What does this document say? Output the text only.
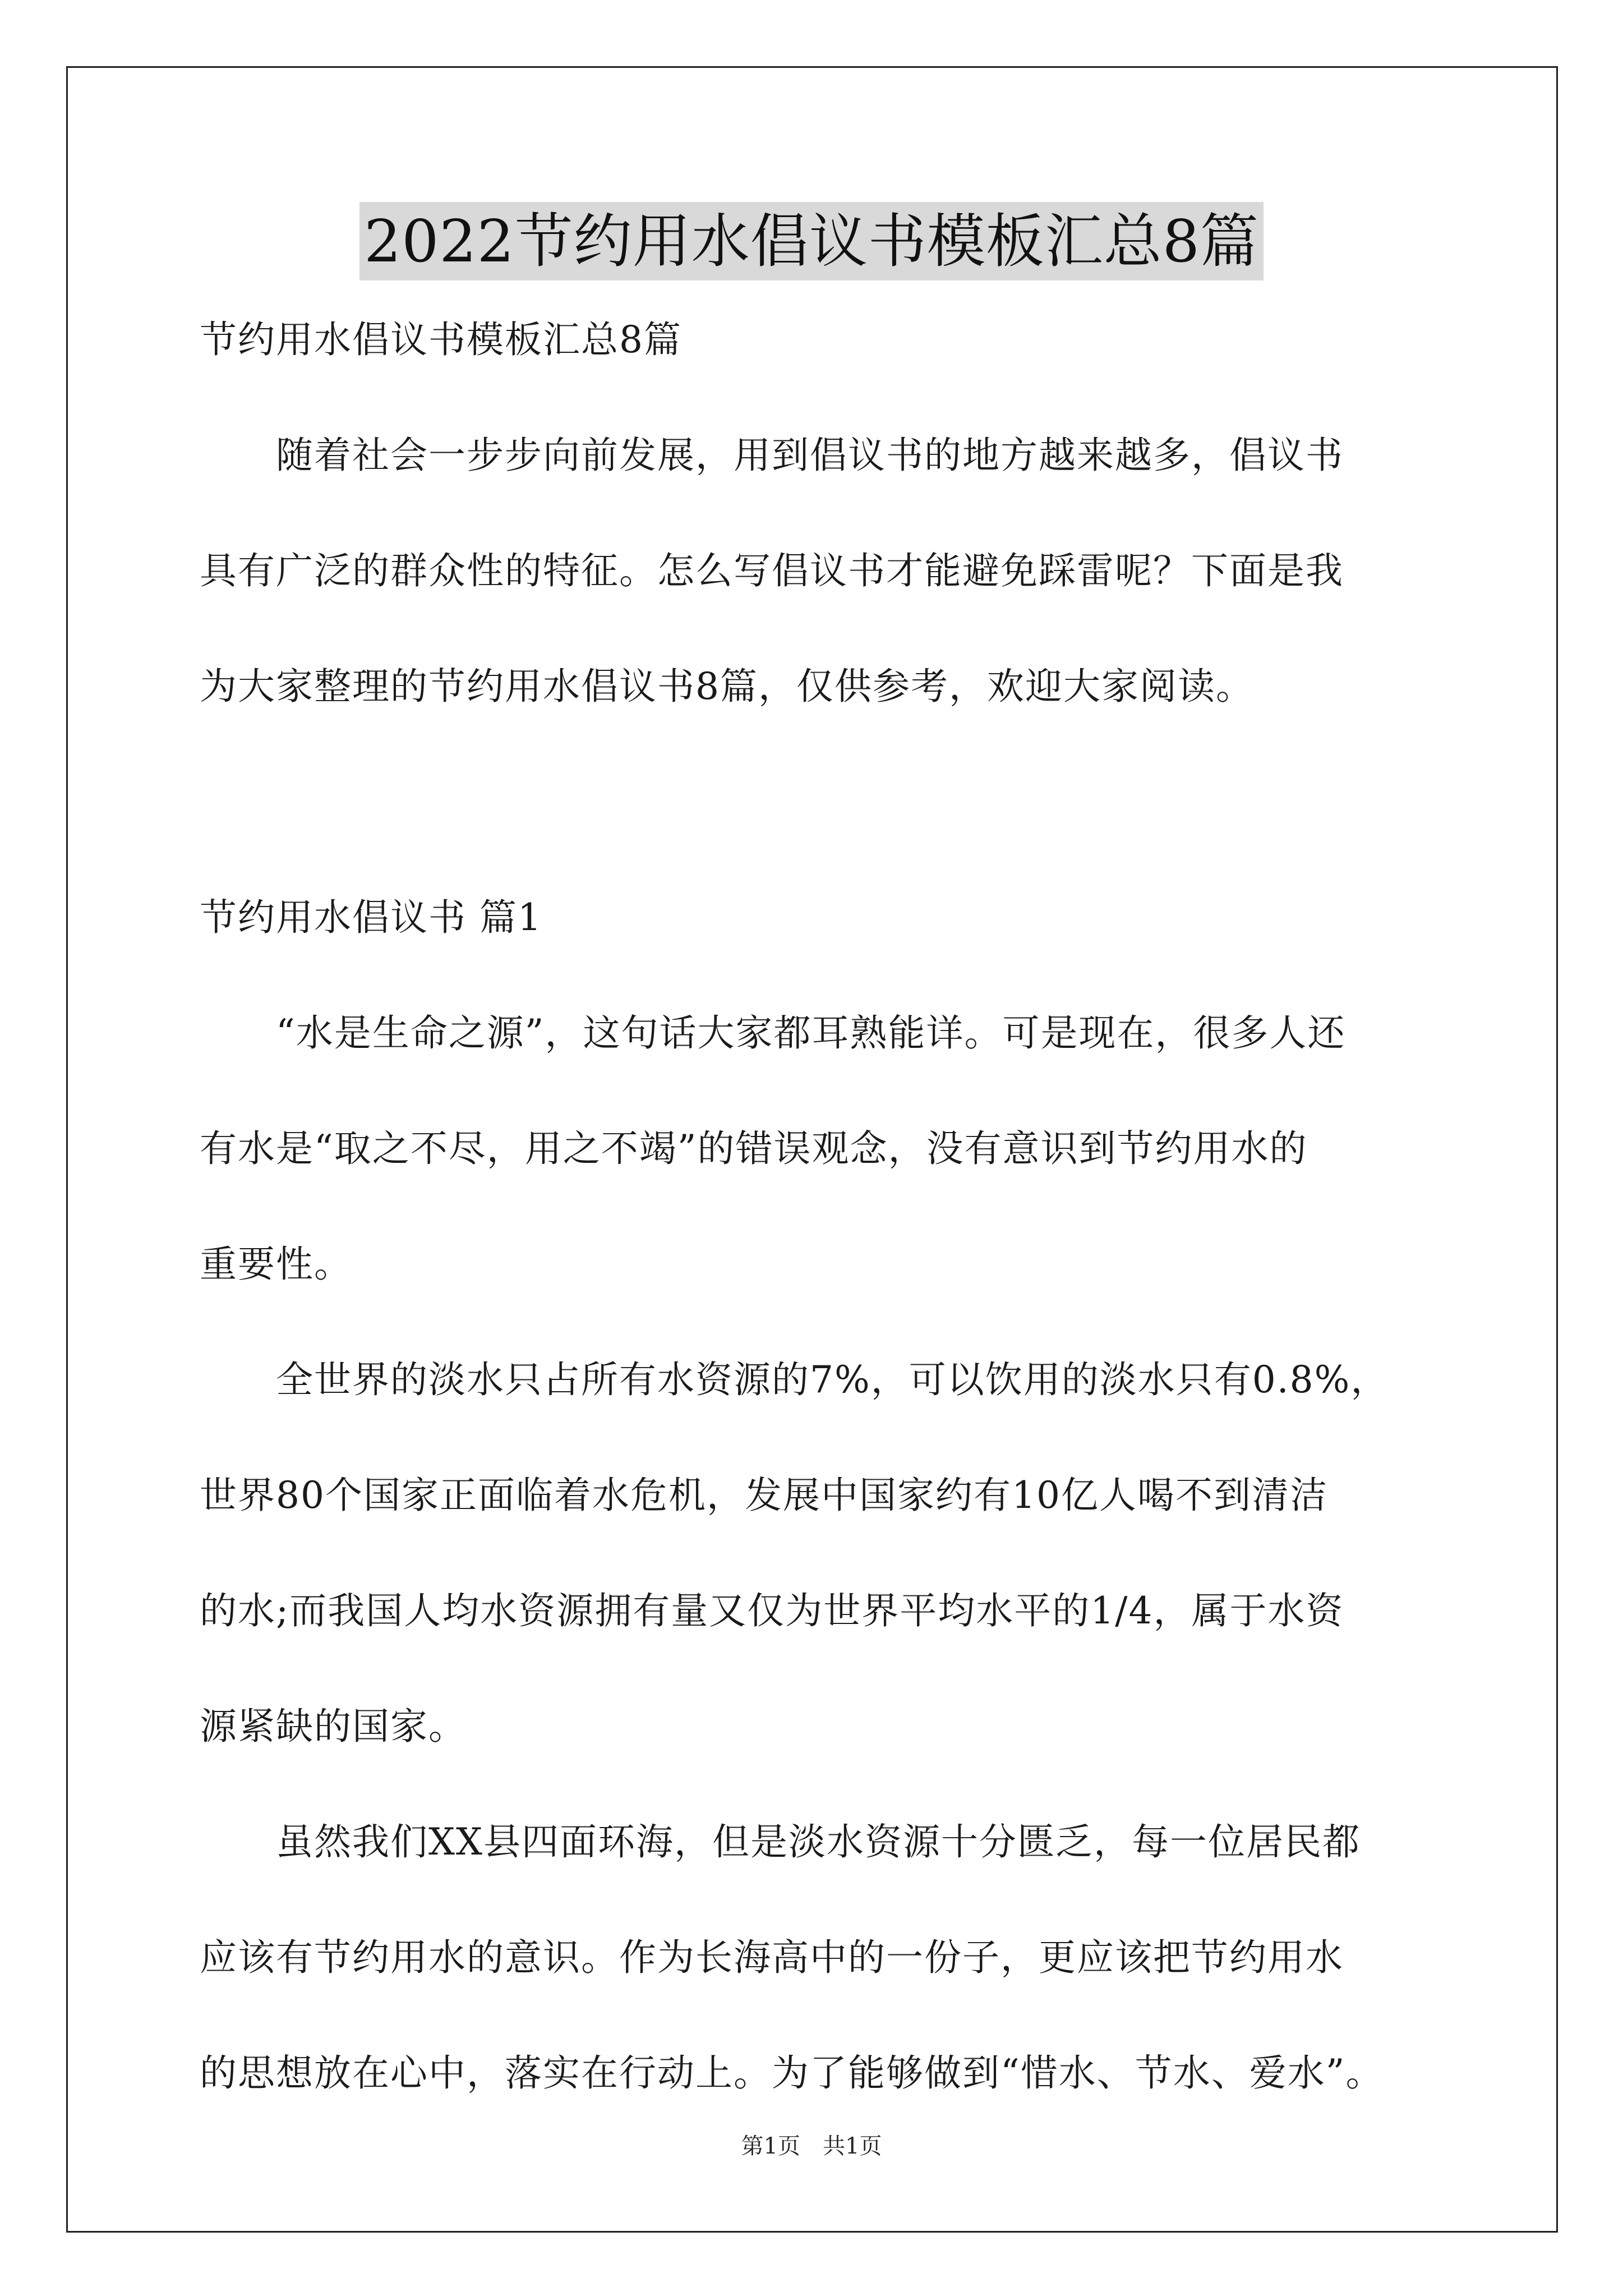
2022节约用水倡议书模板汇总8篇
节约用水倡议书模板汇总8篇
　　随着社会一步步向前发展，用到倡议书的地方越来越多，倡议书
具有广泛的群众性的特征。怎么写倡议书才能避免踩雷呢？下面是我
为大家整理的节约用水倡议书8篇，仅供参考，欢迎大家阅读。
节约用水倡议书 篇1
　　“水是生命之源”，这句话大家都耳熟能详。可是现在，很多人还
有水是“取之不尽，用之不竭”的错误观念，没有意识到节约用水的
重要性。
　　全世界的淡水只占所有水资源的7%，可以饮用的淡水只有0.8%，
世界80个国家正面临着水危机，发展中国家约有10亿人喝不到清洁
的水;而我国人均水资源拥有量又仅为世界平均水平的1/4，属于水资
源紧缺的国家。
　　虽然我们XX县四面环海，但是淡水资源十分匮乏，每一位居民都
应该有节约用水的意识。作为长海高中的一份子，更应该把节约用水
的思想放在心中，落实在行动上。为了能够做到“惜水、节水、爱水”。
第1页　共1页
